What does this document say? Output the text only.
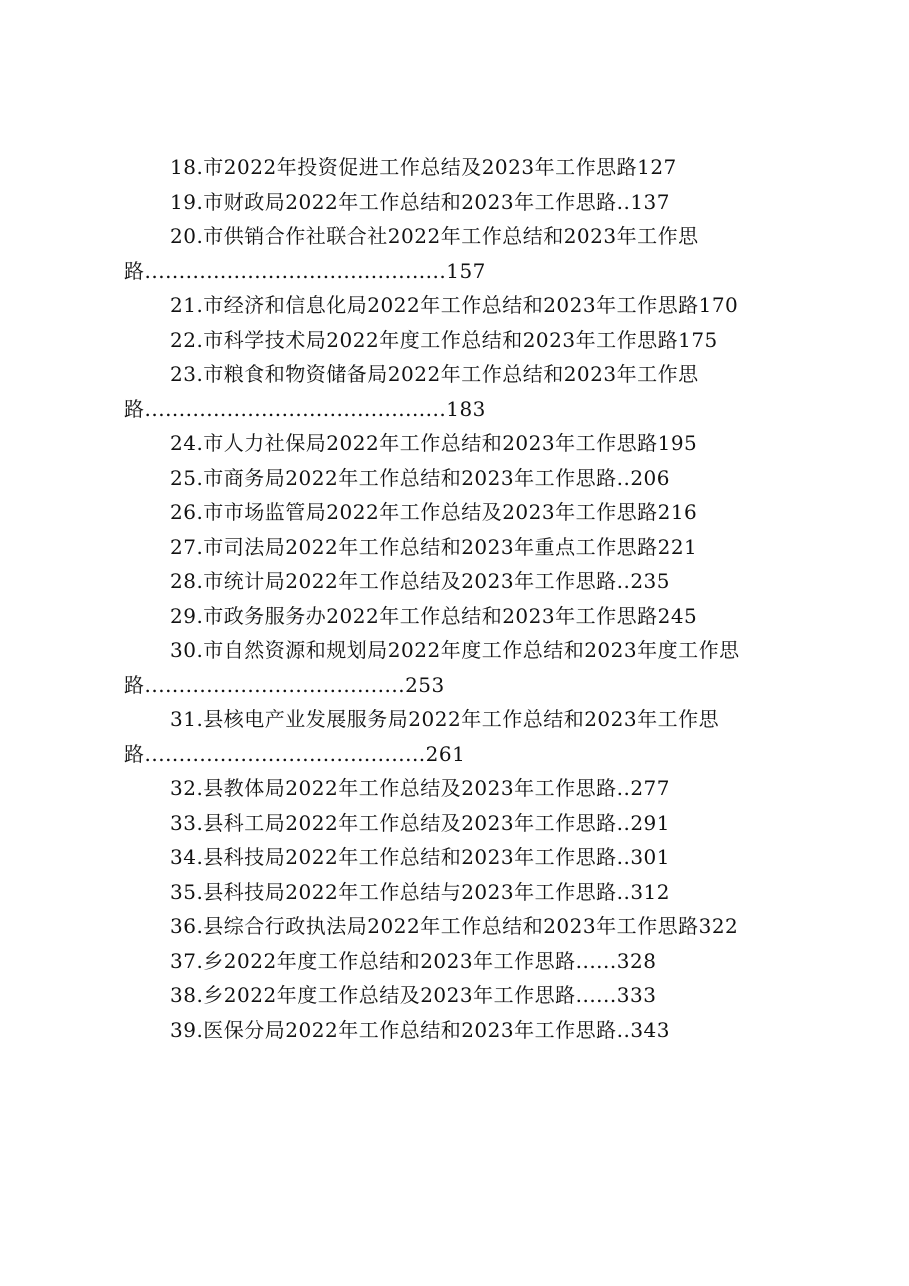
18.市2022年投资促进工作总结及2023年工作思路127
19.市财政局2022年工作总结和2023年工作思路..137
20.市供销合作社联合社2022年工作总结和2023年工作思路............................................157
21.市经济和信息化局2022年工作总结和2023年工作思路170
22.市科学技术局2022年度工作总结和2023年工作思路175
23.市粮食和物资储备局2022年工作总结和2023年工作思路............................................183
24.市人力社保局2022年工作总结和2023年工作思路195
25.市商务局2022年工作总结和2023年工作思路..206
26.市市场监管局2022年工作总结及2023年工作思路216
27.市司法局2022年工作总结和2023年重点工作思路221
28.市统计局2022年工作总结及2023年工作思路..235
29.市政务服务办2022年工作总结和2023年工作思路245
30.市自然资源和规划局2022年度工作总结和2023年度工作思路......................................253
31.县核电产业发展服务局2022年工作总结和2023年工作思路.........................................261
32.县教体局2022年工作总结及2023年工作思路..277
33.县科工局2022年工作总结及2023年工作思路..291
34.县科技局2022年工作总结和2023年工作思路..301
35.县科技局2022年工作总结与2023年工作思路..312
36.县综合行政执法局2022年工作总结和2023年工作思路322
37.乡2022年度工作总结和2023年工作思路......328
38.乡2022年度工作总结及2023年工作思路......333
39.医保分局2022年工作总结和2023年工作思路..343
